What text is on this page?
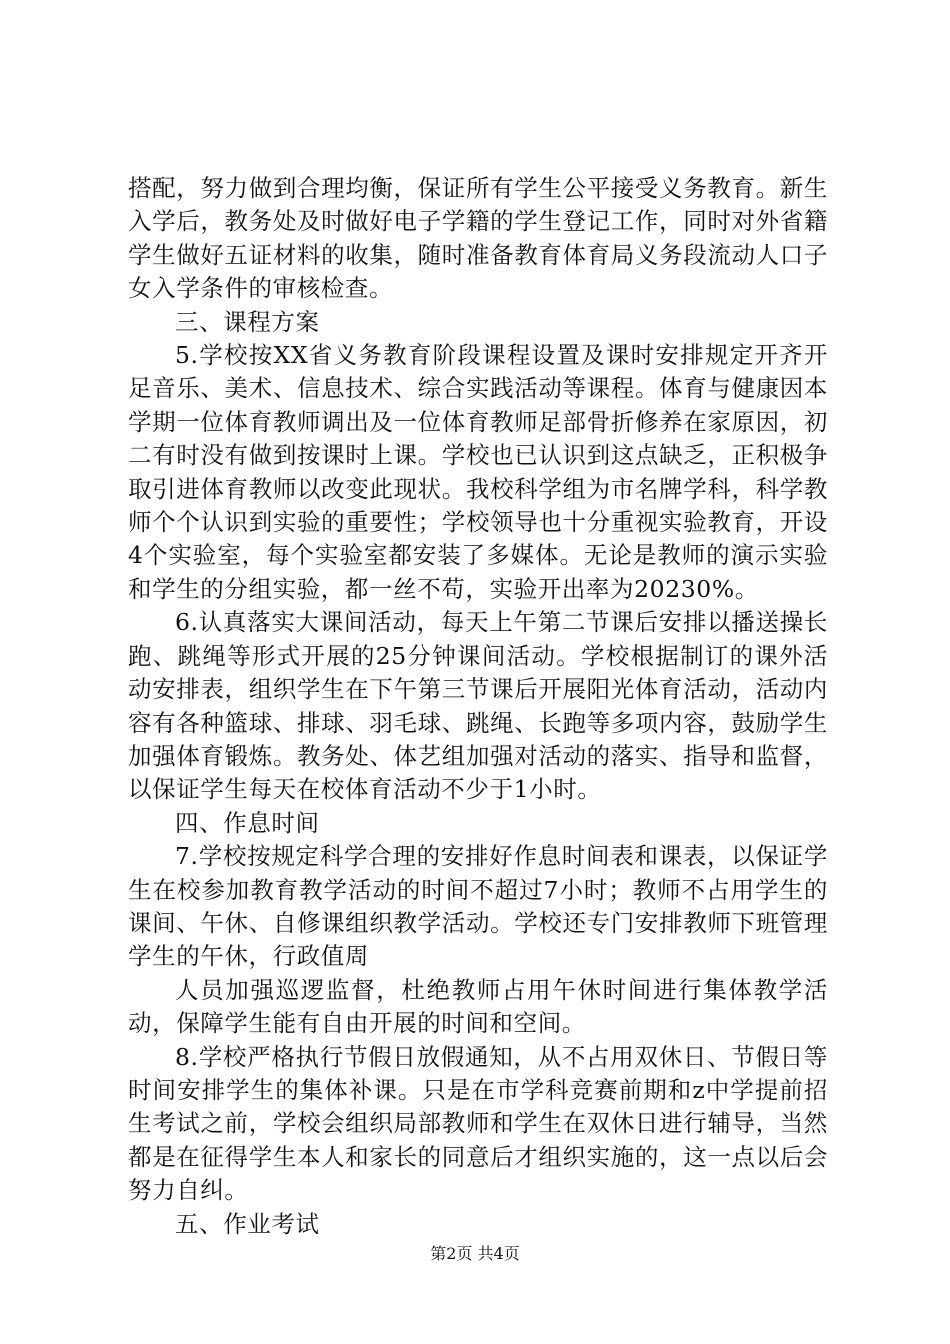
搭配，努力做到合理均衡，保证所有学生公平接受义务教育。新生入学后，教务处及时做好电子学籍的学生登记工作，同时对外省籍学生做好五证材料的收集，随时准备教育体育局义务段流动人口子女入学条件的审核检查。

三、课程方案

5.学校按XX省义务教育阶段课程设置及课时安排规定开齐开足音乐、美术、信息技术、综合实践活动等课程。体育与健康因本学期一位体育教师调出及一位体育教师足部骨折修养在家原因，初二有时没有做到按课时上课。学校也已认识到这点缺乏，正积极争取引进体育教师以改变此现状。我校科学组为市名牌学科，科学教师个个认识到实验的重要性；学校领导也十分重视实验教育，开设4个实验室，每个实验室都安装了多媒体。无论是教师的演示实验和学生的分组实验，都一丝不苟，实验开出率为20230%。

6.认真落实大课间活动，每天上午第二节课后安排以播送操长跑、跳绳等形式开展的25分钟课间活动。学校根据制订的课外活动安排表，组织学生在下午第三节课后开展阳光体育活动，活动内容有各种篮球、排球、羽毛球、跳绳、长跑等多项内容，鼓励学生加强体育锻炼。教务处、体艺组加强对活动的落实、指导和监督，以保证学生每天在校体育活动不少于1小时。

四、作息时间

7.学校按规定科学合理的安排好作息时间表和课表，以保证学生在校参加教育教学活动的时间不超过7小时；教师不占用学生的课间、午休、自修课组织教学活动。学校还专门安排教师下班管理学生的午休，行政值周

人员加强巡逻监督，杜绝教师占用午休时间进行集体教学活动，保障学生能有自由开展的时间和空间。

8.学校严格执行节假日放假通知，从不占用双休日、节假日等时间安排学生的集体补课。只是在市学科竞赛前期和z中学提前招生考试之前，学校会组织局部教师和学生在双休日进行辅导，当然都是在征得学生本人和家长的同意后才组织实施的，这一点以后会努力自纠。

五、作业考试

第2页 共4页
